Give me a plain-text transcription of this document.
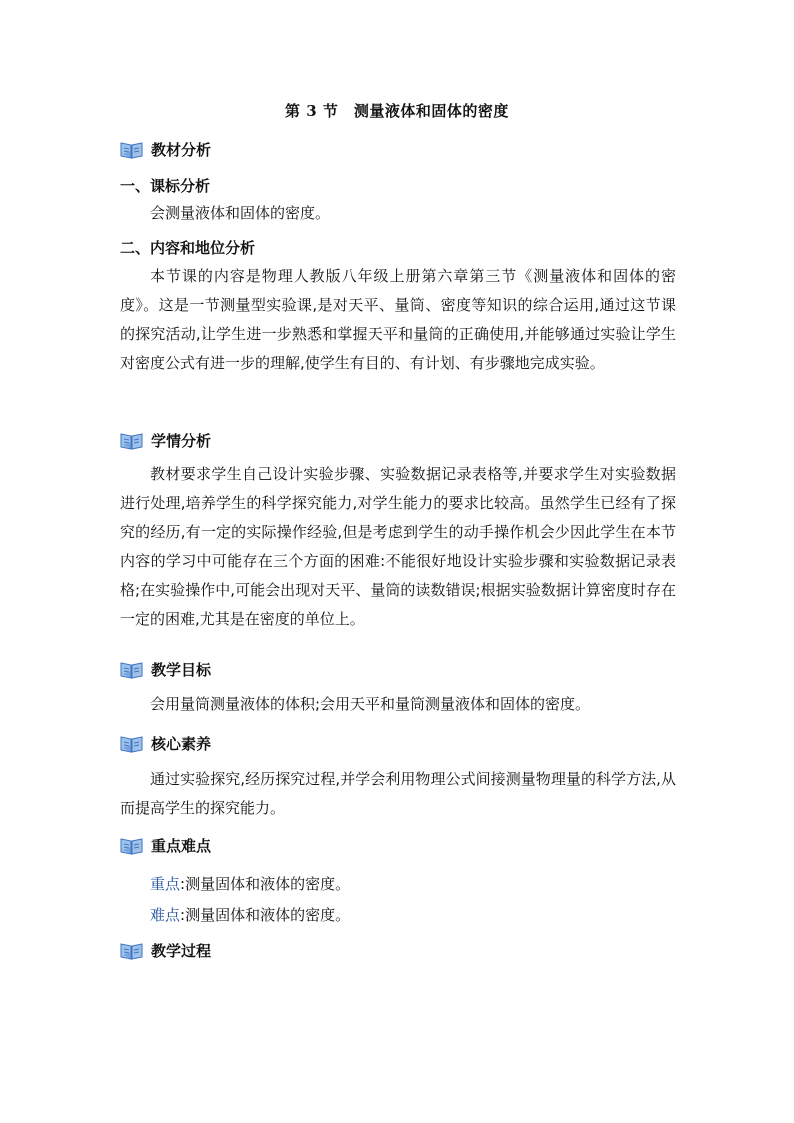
第 3 节　测量液体和固体的密度
教材分析
一、课标分析

会测量液体和固体的密度。

二、内容和地位分析

本节课的内容是物理人教版八年级上册第六章第三节《测量液体和固体的密度》。这是一节测量型实验课,是对天平、量筒、密度等知识的综合运用,通过这节课的探究活动,让学生进一步熟悉和掌握天平和量筒的正确使用,并能够通过实验让学生对密度公式有进一步的理解,使学生有目的、有计划、有步骤地完成实验。

学情分析

教材要求学生自己设计实验步骤、实验数据记录表格等,并要求学生对实验数据进行处理,培养学生的科学探究能力,对学生能力的要求比较高。虽然学生已经有了探究的经历,有一定的实际操作经验,但是考虑到学生的动手操作机会少因此学生在本节内容的学习中可能存在三个方面的困难:不能很好地设计实验步骤和实验数据记录表格;在实验操作中,可能会出现对天平、量筒的读数错误;根据实验数据计算密度时存在一定的困难,尤其是在密度的单位上。

教学目标

会用量筒测量液体的体积;会用天平和量筒测量液体和固体的密度。

核心素养

通过实验探究,经历探究过程,并学会利用物理公式间接测量物理量的科学方法,从而提高学生的探究能力。

重点难点
重点:测量固体和液体的密度。
难点:测量固体和液体的密度。
教学过程
